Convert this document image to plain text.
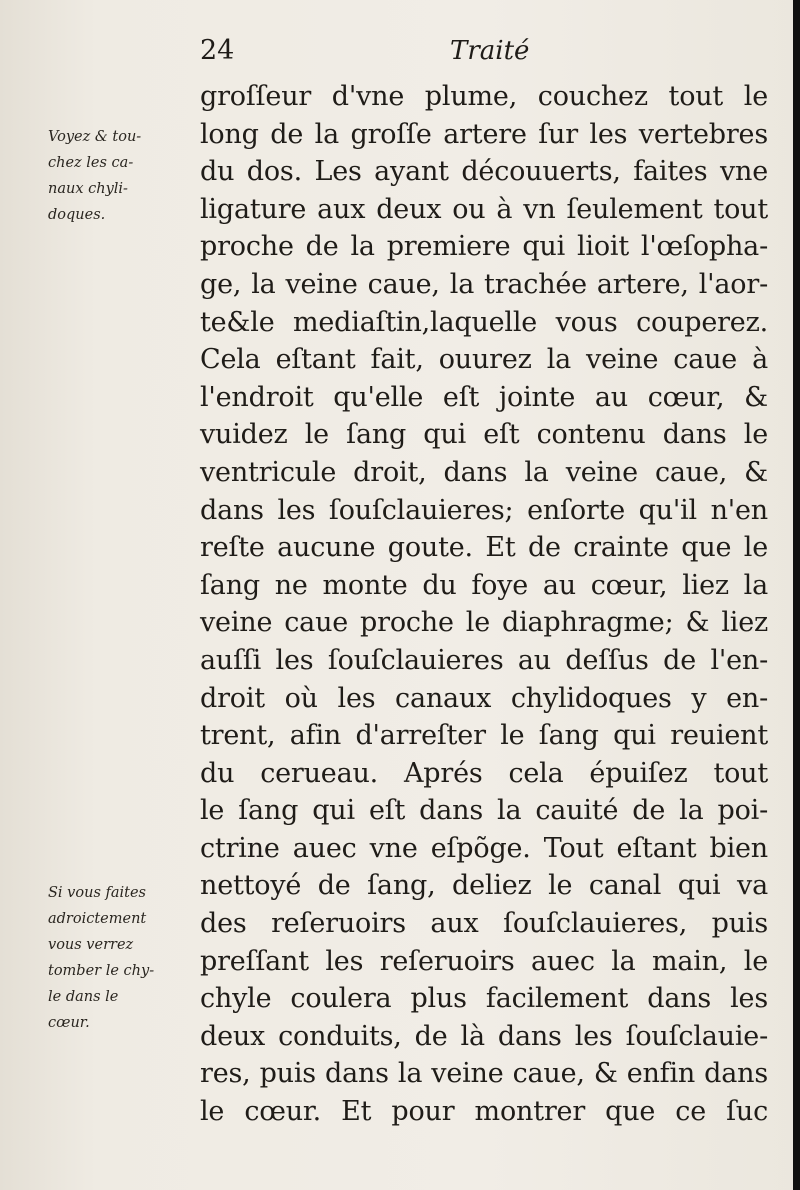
24	Traité
Voyez & tou-
chez les ca-
naux chyli-
doques.
Si vous faites
adroictement
vous verrez
tomber le chy-
le dans le
cœur.
groſſeur d'vne plume, couchez tout le
long de la groſſe artere ſur les vertebres
du dos. Les ayant découuerts, faites vne
ligature aux deux ou à vn ſeulement tout
proche de la premiere qui lioit l'œſopha-
ge, la veine caue, la trachée artere, l'aor-
te&le mediaſtin,laquelle vous couperez.
Cela eſtant fait, ouurez la veine caue à
l'endroit qu'elle eſt jointe au cœur, &
vuidez le ſang qui eſt contenu dans le
ventricule droit, dans la veine caue, &
dans les ſouſclauieres; enſorte qu'il n'en
reſte aucune goute. Et de crainte que le
ſang ne monte du foye au cœur, liez la
veine caue proche le diaphragme; & liez
auſſi les ſouſclauieres au deſſus de l'en-
droit où les canaux chylidoques y en-
trent, afin d'arreſter le ſang qui reuient
du cerueau. Aprés cela épuiſez tout
le ſang qui eſt dans la cauité de la poi-
ctrine auec vne eſpõge. Tout eſtant bien
nettoyé de ſang, deliez le canal qui va
des reſeruoirs aux ſouſclauieres, puis
preſſant les reſeruoirs auec la main, le
chyle coulera plus facilement dans les
deux conduits, de là dans les ſouſclauie-
res, puis dans la veine caue, & enfin dans
le cœur. Et pour montrer que ce ſuc
